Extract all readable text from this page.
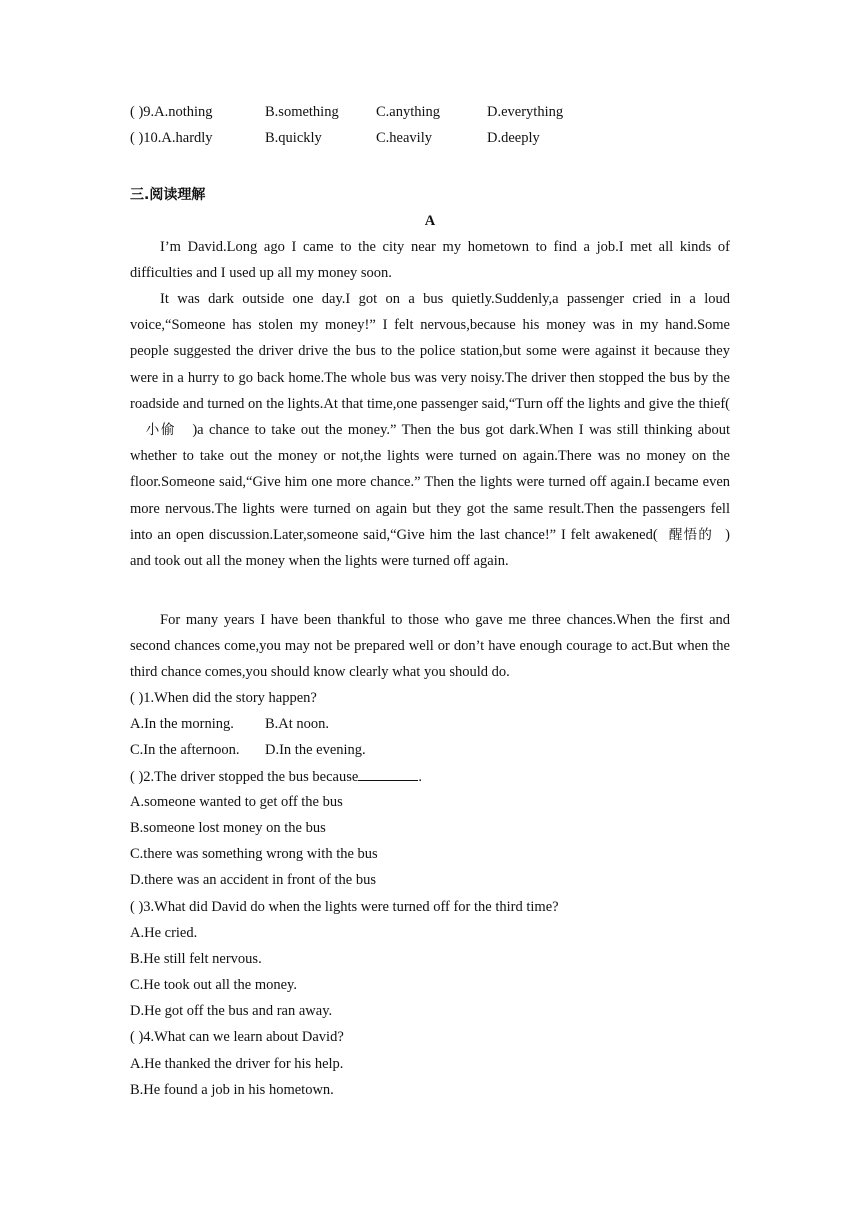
( )9.A.nothing	B.something	C.anything	D.everything
( )10.A.hardly	B.quickly	C.heavily	D.deeply
三.阅读理解
A
I’m David.Long ago I came to the city near my hometown to find a job.I met all kinds of difficulties and I used up all my money soon.
It was dark outside one day.I got on a bus quietly.Suddenly,a passenger cried in a loud voice,“Someone has stolen my money!” I felt nervous,because his money was in my hand.Some people suggested the driver drive the bus to the police station,but some were against it because they were in a hurry to go back home.The whole bus was very noisy.The driver then stopped the bus by the roadside and turned on the lights.At that time,one passenger said,“Turn off the lights and give the thief(小偷 )a chance to take out the money.” Then the bus got dark.When I was still thinking about whether to take out the money or not,the lights were turned on again.There was no money on the floor.Someone said,“Give him one more chance.” Then the lights were turned off again.I became even more nervous.The lights were turned on again but they got the same result.Then the passengers fell into an open discussion.Later,someone said,“Give him the last chance!” I felt awakened( 醒悟的 ) and took out all the money when the lights were turned off again.
For many years I have been thankful to those who gave me three chances.When the first and second chances come,you may not be prepared well or don’t have enough courage to act.But when the third chance comes,you should know clearly what you should do.
( )1.When did the story happen?
A.In the morning. B.At noon.
C.In the afternoon. D.In the evening.
( )2.The driver stopped the bus because	.
A.someone wanted to get off the bus
B.someone lost money on the bus
C.there was something wrong with the bus
D.there was an accident in front of the bus
( )3.What did David do when the lights were turned off for the third time?
A.He cried.
B.He still felt nervous.
C.He took out all the money.
D.He got off the bus and ran away.
( )4.What can we learn about David?
A.He thanked the driver for his help.
B.He found a job in his hometown.
